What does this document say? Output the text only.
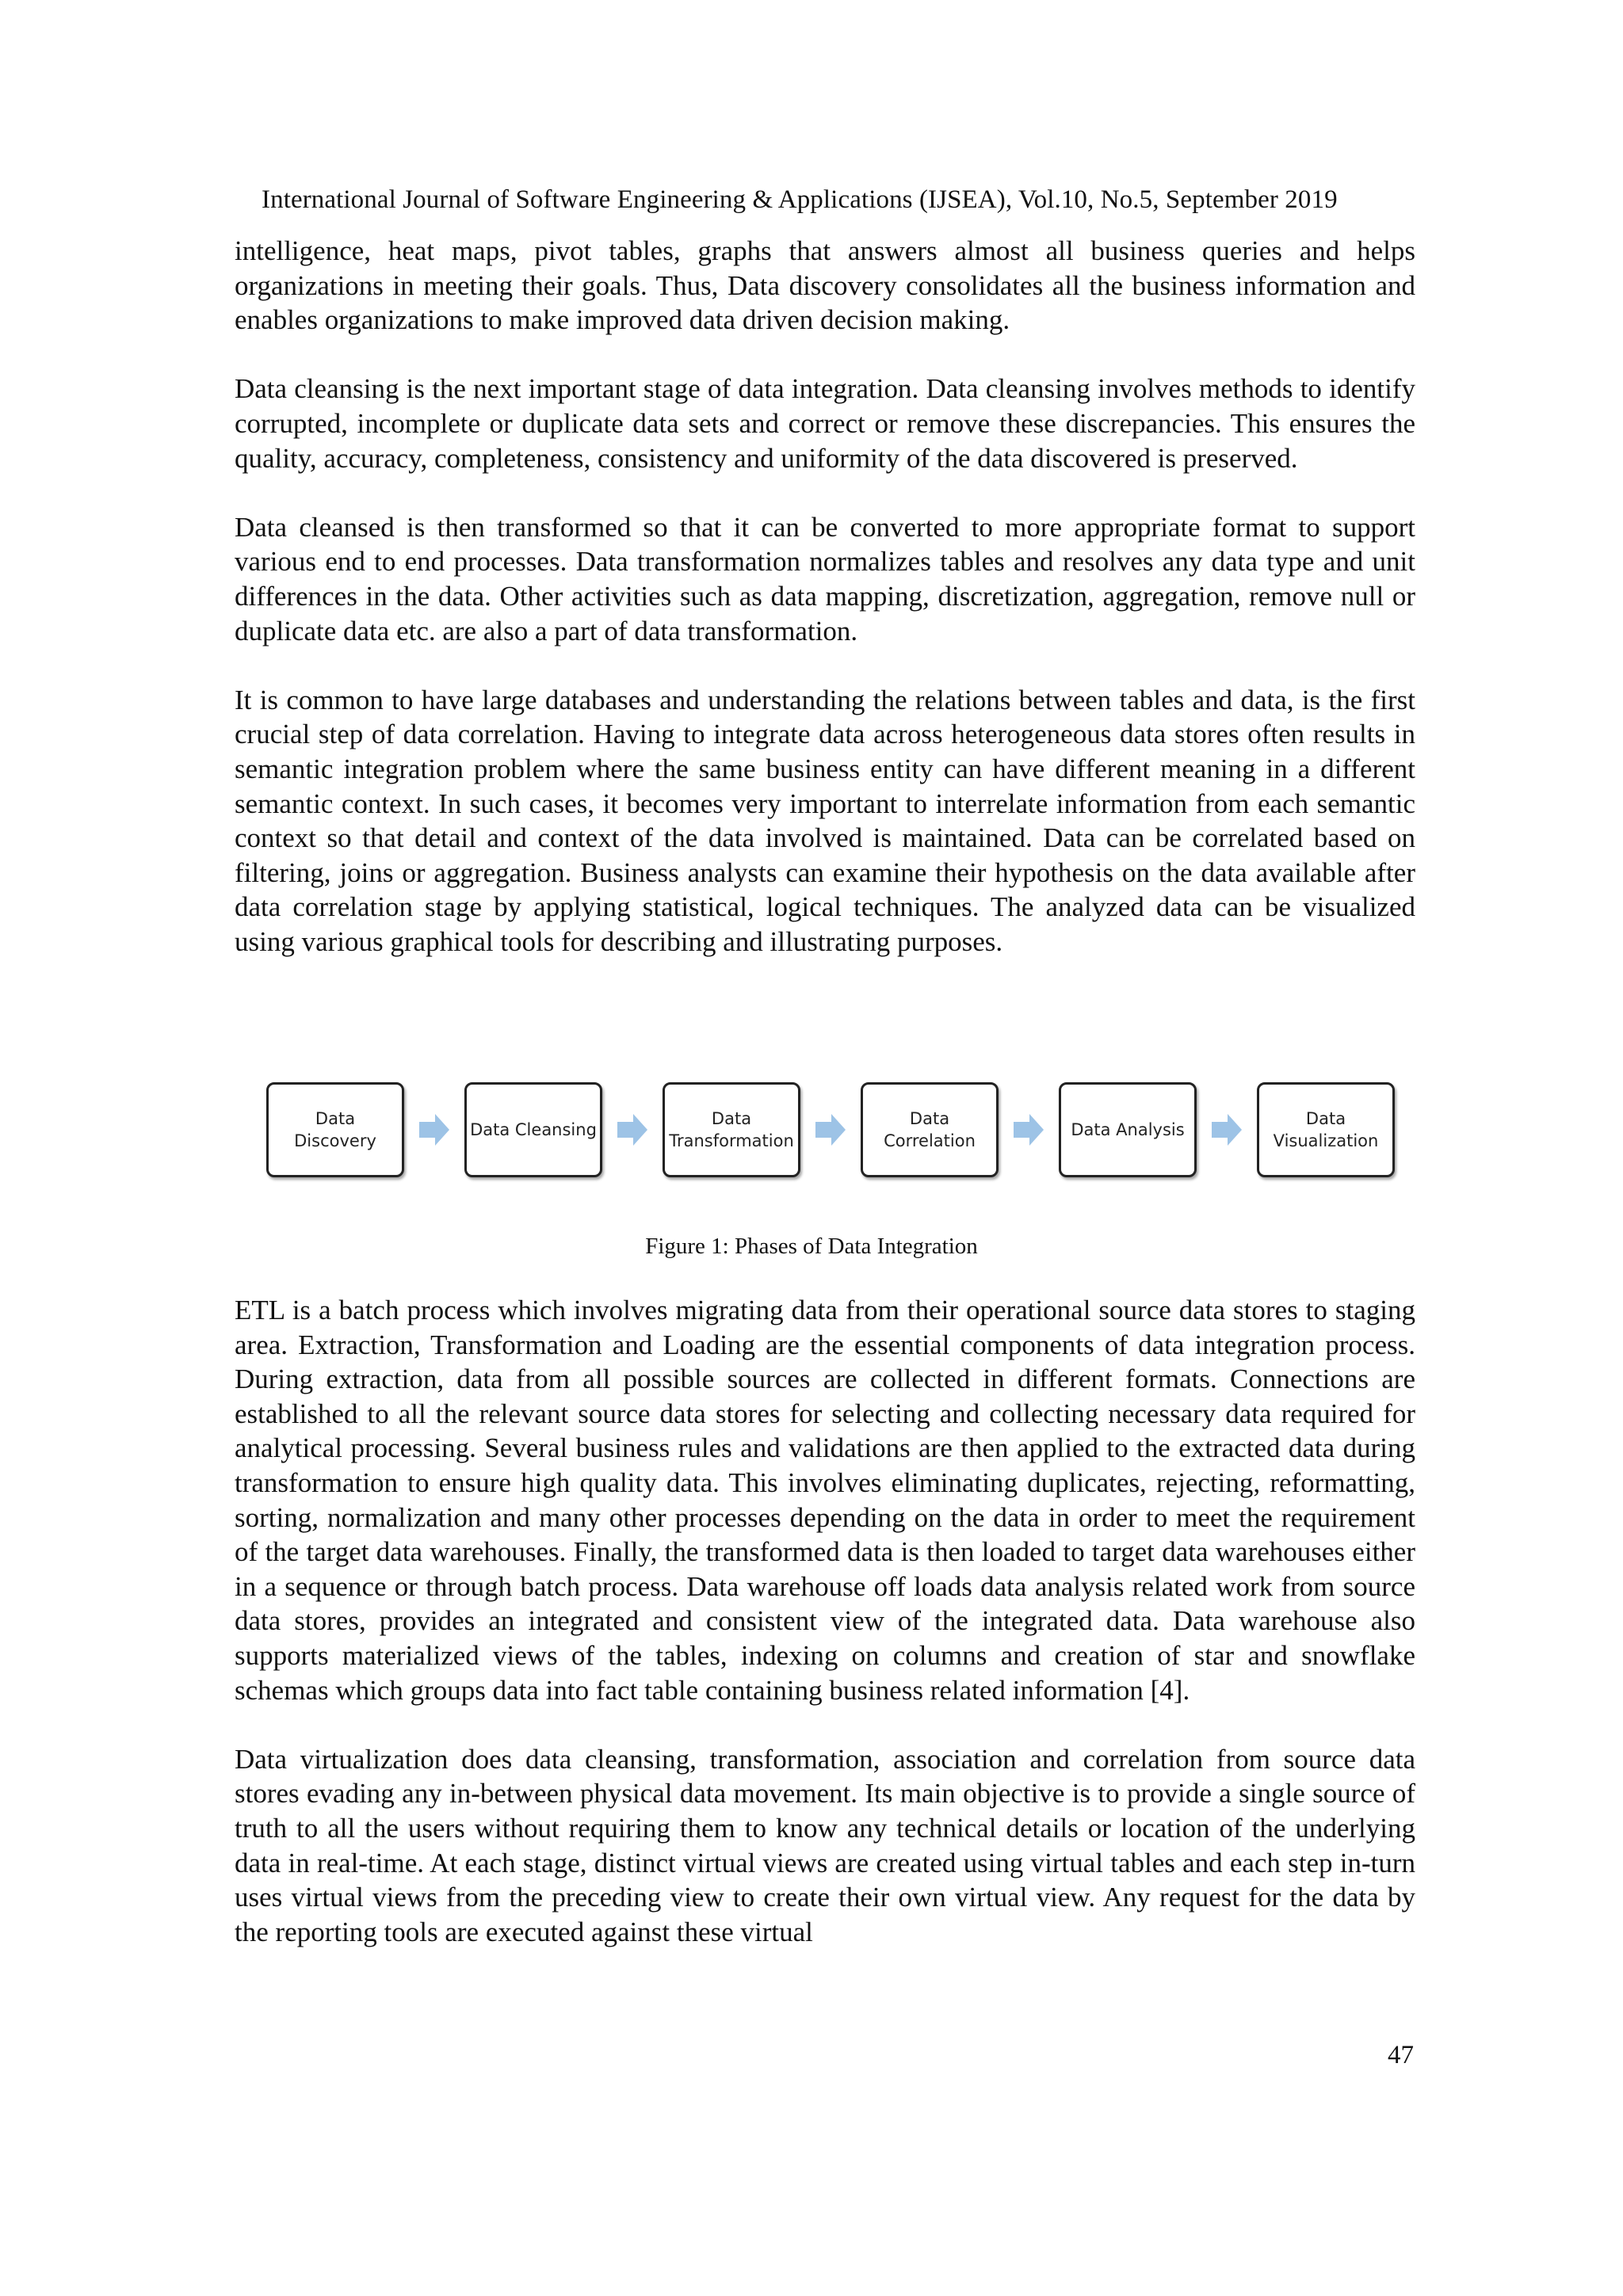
International Journal of Software Engineering & Applications (IJSEA), Vol.10, No.5, September 2019

intelligence, heat maps, pivot tables, graphs that answers almost all business queries and helps organizations in meeting their goals. Thus, Data discovery consolidates all the business information and enables organizations to make improved data driven decision making.

Data cleansing is the next important stage of data integration. Data cleansing involves methods to identify corrupted, incomplete or duplicate data sets and correct or remove these discrepancies. This ensures the quality, accuracy, completeness, consistency and uniformity of the data discovered is preserved.

Data cleansed is then transformed so that it can be converted to more appropriate format to support various end to end processes. Data transformation normalizes tables and resolves any data type and unit differences in the data. Other activities such as data mapping, discretization, aggregation, remove null or duplicate data etc. are also a part of data transformation.

It is common to have large databases and understanding the relations between tables and data, is the first crucial step of data correlation. Having to integrate data across heterogeneous data stores often results in semantic integration problem where the same business entity can have different meaning in a different semantic context. In such cases, it becomes very important to interrelate information from each semantic context so that detail and context of the data involved is maintained. Data can be correlated based on filtering, joins or aggregation. Business analysts can examine their hypothesis on the data available after data correlation stage by applying statistical, logical techniques. The analyzed data can be visualized using various graphical tools for describing and illustrating purposes.

Data Discovery
Data Cleansing
Data Transformation
Data Correlation
Data Analysis
Data Visualization
Figure 1: Phases of Data Integration

ETL is a batch process which involves migrating data from their operational source data stores to staging area. Extraction, Transformation and Loading are the essential components of data integration process. During extraction, data from all possible sources are collected in different formats. Connections are established to all the relevant source data stores for selecting and collecting necessary data required for analytical processing. Several business rules and validations are then applied to the extracted data during transformation to ensure high quality data. This involves eliminating duplicates, rejecting, reformatting, sorting, normalization and many other processes depending on the data in order to meet the requirement of the target data warehouses. Finally, the transformed data is then loaded to target data warehouses either in a sequence or through batch process. Data warehouse off loads data analysis related work from source data stores, provides an integrated and consistent view of the integrated data. Data warehouse also supports materialized views of the tables, indexing on columns and creation of star and snowflake schemas which groups data into fact table containing business related information [4].

Data virtualization does data cleansing, transformation, association and correlation from source data stores evading any in-between physical data movement. Its main objective is to provide a single source of truth to all the users without requiring them to know any technical details or location of the underlying data in real-time. At each stage, distinct virtual views are created using virtual tables and each step in-turn uses virtual views from the preceding view to create their own virtual view. Any request for the data by the reporting tools are executed against these virtual

47
